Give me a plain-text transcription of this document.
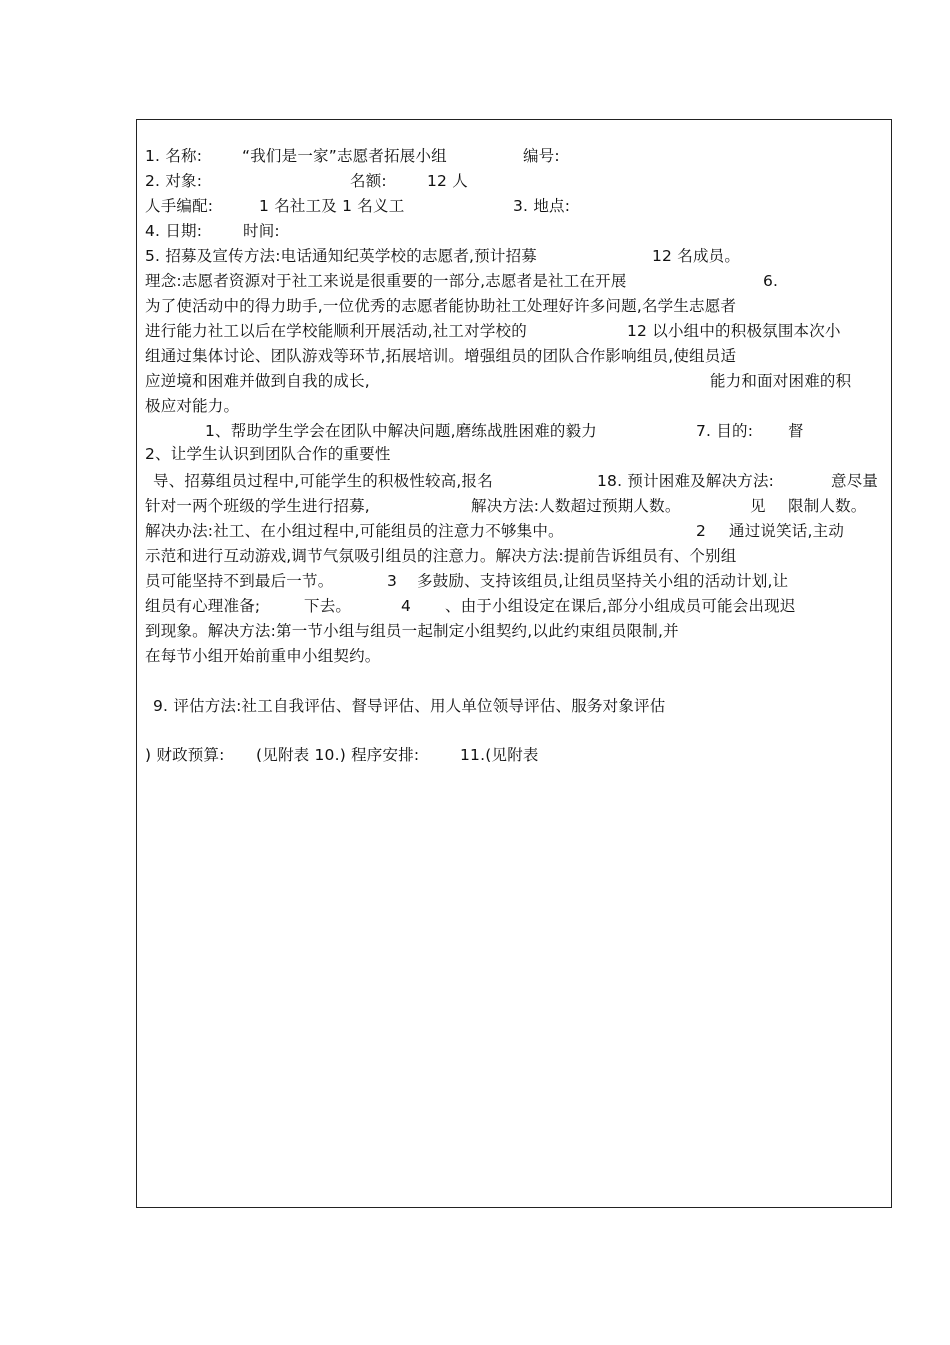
1. 名称:	“我们是一家”志愿者拓展小组	编号:
2. 对象:	名额:	12 人
人手编配:	1 名社工及 1 名义工	3. 地点:
4. 日期:	时间:
5. 招募及宣传方法:电话通知纪英学校的志愿者,预计招募	12 名成员。
理念:志愿者资源对于社工来说是很重要的一部分,志愿者是社工在开展	6.
为了使活动中的得力助手,一位优秀的志愿者能协助社工处理好许多问题,名学生志愿者
进行能力社工以后在学校能顺利开展活动,社工对学校的	12 以小组中的积极氛围本次小
组通过集体讨论、团队游戏等环节,拓展培训。增强组员的团队合作影响组员,使组员适
应逆境和困难并做到自我的成长,	能力和面对困难的积
极应对能力。
1、帮助学生学会在团队中解决问题,磨练战胜困难的毅力	7. 目的: 督
2、让学生认识到团队合作的重要性
导、招募组员过程中,可能学生的积极性较高,报名	18. 预计困难及解决方法:	意尽量
针对一两个班级的学生进行招募,	解决方法:人数超过预期人数。	见 限制人数。
解决办法:社工、在小组过程中,可能组员的注意力不够集中。	2 通过说笑话,主动
示范和进行互动游戏,调节气氛吸引组员的注意力。解决方法:提前告诉组员有、个别组
员可能坚持不到最后一节。	3 多鼓励、支持该组员,让组员坚持关小组的活动计划,让
组员有心理准备;	下去。	4 、由于小组设定在课后,部分小组成员可能会出现迟
到现象。解决方法:第一节小组与组员一起制定小组契约,以此约束组员限制,并
在每节小组开始前重申小组契约。
9. 评估方法:社工自我评估、督导评估、用人单位领导评估、服务对象评估
) 财政预算: (见附表 10.) 程序安排:	11.(见附表
